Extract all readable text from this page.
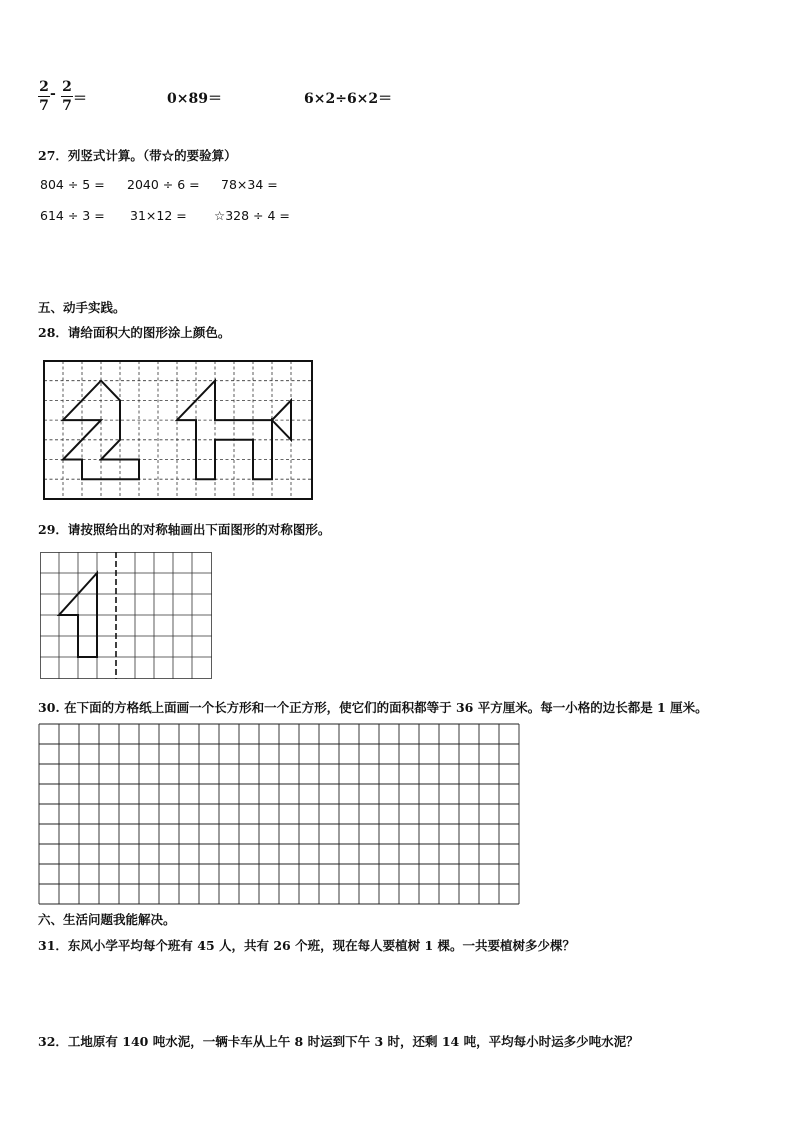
2
7
- 2
7 ＝	0×89＝	6×2÷6×2＝
27．列竖式计算。（带☆的要验算）
804 ÷ 5 = 2040 ÷ 6 = 78×34 =
614 ÷ 3 = 31×12 = ☆328 ÷ 4 =
五、动手实践。
28．请给面积大的图形涂上颜色。
29．请按照给出的对称轴画出下面图形的对称图形。
30. 在下面的方格纸上面画一个长方形和一个正方形，使它们的面积都等于 36 平方厘米。每一小格的边长都是 1 厘米。
六、生活问题我能解决。
31．东风小学平均每个班有 45 人，共有 26 个班，现在每人要植树 1 棵。一共要植树多少棵？
32．工地原有 140 吨水泥，一辆卡车从上午 8 时运到下午 3 时，还剩 14 吨，平均每小时运多少吨水泥？
